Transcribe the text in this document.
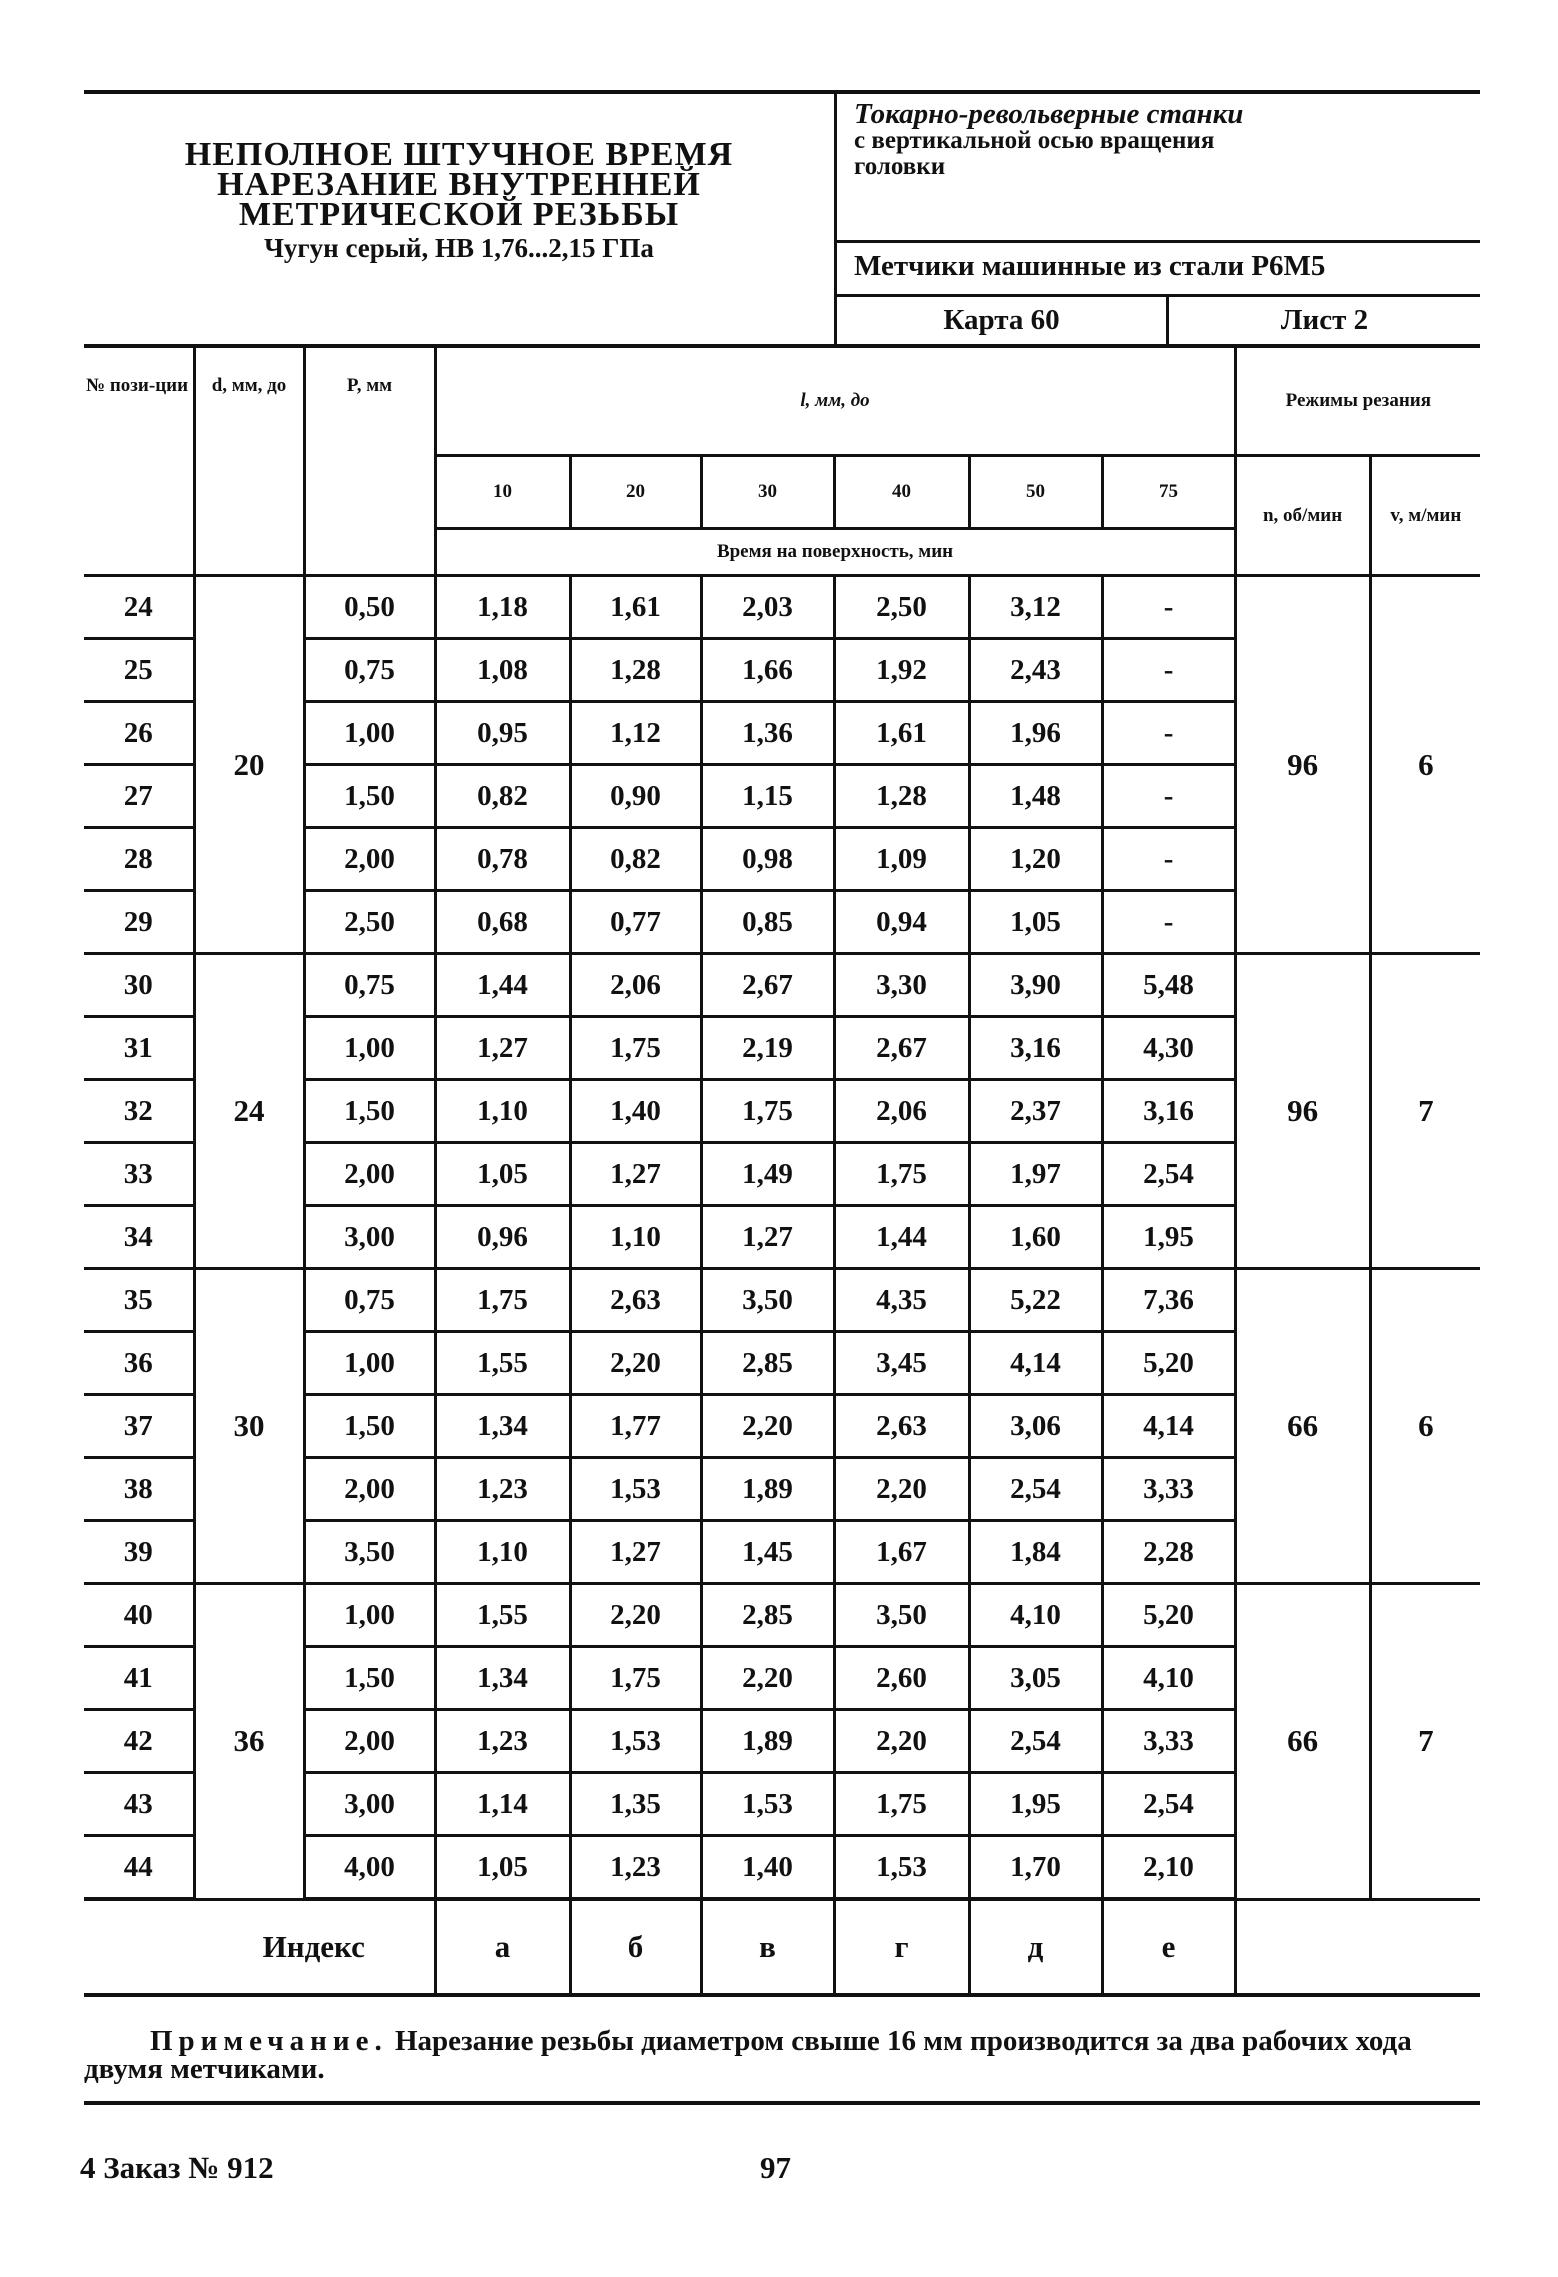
НЕПОЛНОЕ ШТУЧНОЕ ВРЕМЯ
НАРЕЗАНИЕ ВНУТРЕННЕЙ
МЕТРИЧЕСКОЙ РЕЗЬБЫ
Чугун серый, НВ 1,76...2,15 ГПа
Токарно-револьверные станки
с вертикальной осью вращения
головки
Метчики машинные из стали Р6М5
Карта 60	Лист 2
№ пози-ции	d, мм, до	P, мм	l, мм, до						Режимы резания	
			10	20	30	40	50	75	n, об/мин	v, м/мин
			Время на поверхность, мин							
24	20	0,50	1,18	1,61	2,03	2,50	3,12	-	96	6
25		0,75	1,08	1,28	1,66	1,92	2,43	-		
26		1,00	0,95	1,12	1,36	1,61	1,96	-		
27		1,50	0,82	0,90	1,15	1,28	1,48	-		
28		2,00	0,78	0,82	0,98	1,09	1,20	-		
29		2,50	0,68	0,77	0,85	0,94	1,05	-		
30	24	0,75	1,44	2,06	2,67	3,30	3,90	5,48	96	7
31		1,00	1,27	1,75	2,19	2,67	3,16	4,30		
32		1,50	1,10	1,40	1,75	2,06	2,37	3,16		
33		2,00	1,05	1,27	1,49	1,75	1,97	2,54		
34		3,00	0,96	1,10	1,27	1,44	1,60	1,95		
35	30	0,75	1,75	2,63	3,50	4,35	5,22	7,36	66	6
36		1,00	1,55	2,20	2,85	3,45	4,14	5,20		
37		1,50	1,34	1,77	2,20	2,63	3,06	4,14		
38		2,00	1,23	1,53	1,89	2,20	2,54	3,33		
39		3,50	1,10	1,27	1,45	1,67	1,84	2,28		
40	36	1,00	1,55	2,20	2,85	3,50	4,10	5,20	66	7
41		1,50	1,34	1,75	2,20	2,60	3,05	4,10		
42		2,00	1,23	1,53	1,89	2,20	2,54	3,33		
43		3,00	1,14	1,35	1,53	1,75	1,95	2,54		
44		4,00	1,05	1,23	1,40	1,53	1,70	2,10		
Индекс			а	б	в	г	д	е		
Примечание. Нарезание резьбы диаметром свыше 16 мм производится за два рабочих хода двумя метчиками.
4 Заказ № 912	97
